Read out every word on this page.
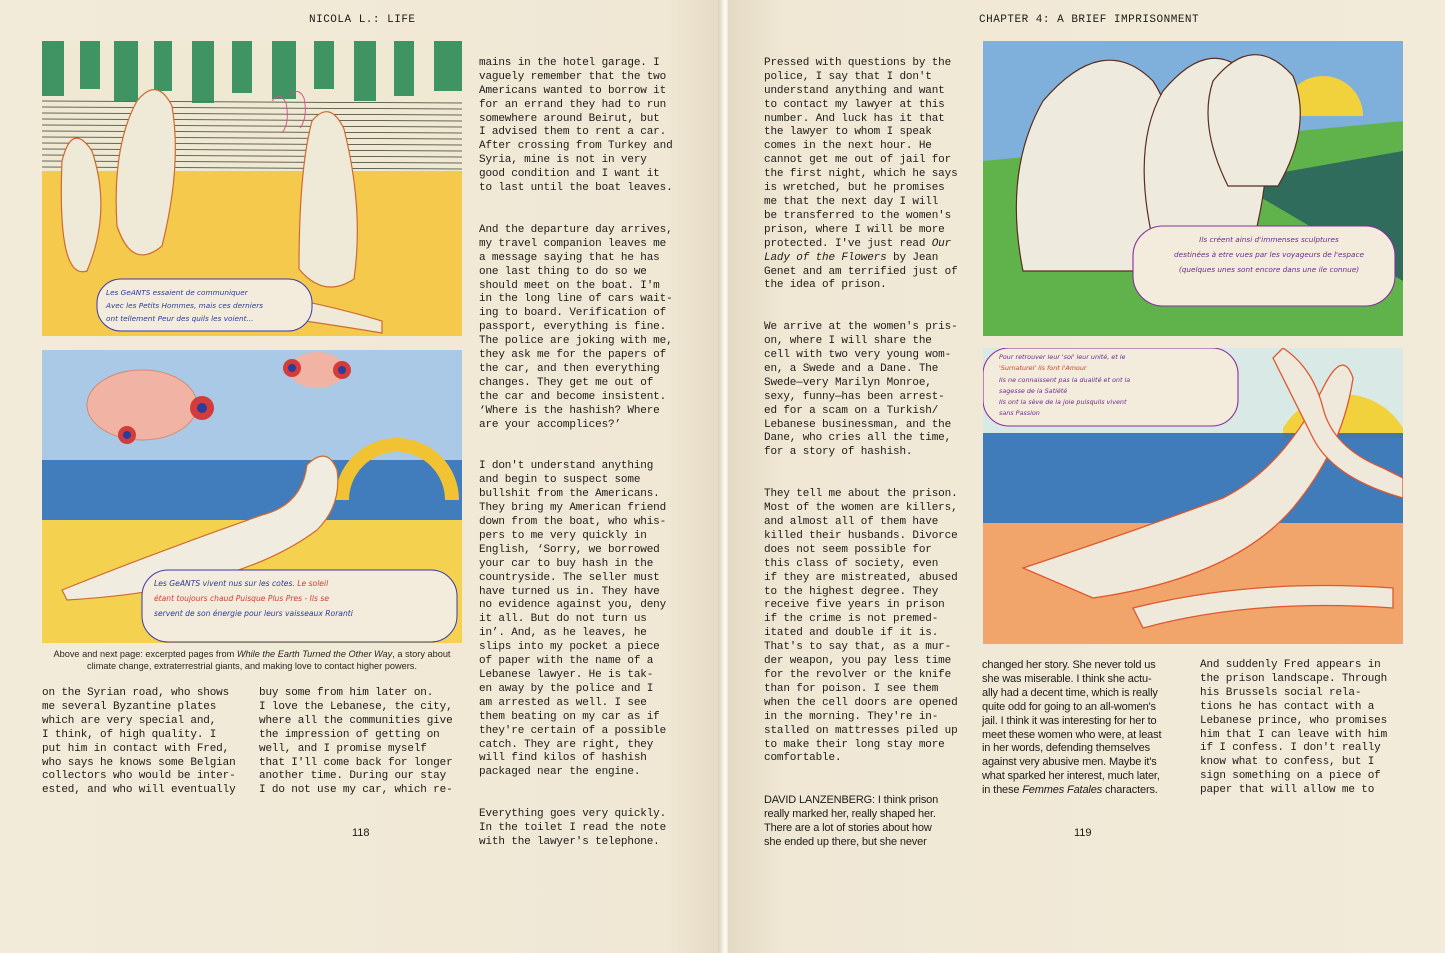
NICOLA L.: LIFE
Les GeANTS essaient de communiquer
Avec les Petits Hommes, mais ces derniers
ont tellement Peur des quils les voient...
Les GeANTS vivent nus sur les cotes. Le soleil
étant toujours chaud Puisque Plus Pres - Ils se
servent de son énergie pour leurs vaisseaux Roranti
Above and next page: excerpted pages from While the Earth Turned the Other Way, a story about climate change, extraterrestrial giants, and making love to contact higher powers.
on the Syrian road, who shows
me several Byzantine plates
which are very special and,
I think, of high quality. I
put him in contact with Fred,
who says he knows some Belgian
collectors who would be inter-
ested, and who will eventually
buy some from him later on.
I love the Lebanese, the city,
where all the communities give
the impression of getting on
well, and I promise myself
that I'll come back for longer
another time. During our stay
I do not use my car, which re-

mains in the hotel garage. I
vaguely remember that the two
Americans wanted to borrow it
for an errand they had to run
somewhere around Beirut, but
I advised them to rent a car.
After crossing from Turkey and
Syria, mine is not in very
good condition and I want it
to last until the boat leaves.

And the departure day arrives,
my travel companion leaves me
a message saying that he has
one last thing to do so we
should meet on the boat. I'm
in the long line of cars wait-
ing to board. Verification of
passport, everything is fine.
The police are joking with me,
they ask me for the papers of
the car, and then everything
changes. They get me out of
the car and become insistent.
‘Where is the hashish? Where
are your accomplices?’

I don't understand anything
and begin to suspect some
bullshit from the Americans.
They bring my American friend
down from the boat, who whis-
pers to me very quickly in
English, ‘Sorry, we borrowed
your car to buy hash in the
countryside. The seller must
have turned us in. They have
no evidence against you, deny
it all. But do not turn us
in’. And, as he leaves, he
slips into my pocket a piece
of paper with the name of a
Lebanese lawyer. He is tak-
en away by the police and I
am arrested as well. I see
them beating on my car as if
they're certain of a possible
catch. They are right, they
will find kilos of hashish
packaged near the engine.

Everything goes very quickly.
In the toilet I read the note
with the lawyer's telephone.

118
CHAPTER 4: A BRIEF IMPRISONMENT

Pressed with questions by the
police, I say that I don't
understand anything and want
to contact my lawyer at this
number. And luck has it that
the lawyer to whom I speak
comes in the next hour. He
cannot get me out of jail for
the first night, which he says
is wretched, but he promises
me that the next day I will
be transferred to the women's
prison, where I will be more
protected. I've just read Our
Lady of the Flowers by Jean
Genet and am terrified just of
the idea of prison.

We arrive at the women's pris-
on, where I will share the
cell with two very young wom-
en, a Swede and a Dane. The
Swede—very Marilyn Monroe,
sexy, funny—has been arrest-
ed for a scam on a Turkish/
Lebanese businessman, and the
Dane, who cries all the time,
for a story of hashish.

They tell me about the prison.
Most of the women are killers,
and almost all of them have
killed their husbands. Divorce
does not seem possible for
this class of society, even
if they are mistreated, abused
to the highest degree. They
receive five years in prison
if the crime is not premed-
itated and double if it is.
That's to say that, as a mur-
der weapon, you pay less time
for the revolver or the knife
than for poison. I see them
when the cell doors are opened
in the morning. They're in-
stalled on mattresses piled up
to make their long stay more
comfortable.

DAVID LANZENBERG: I think prison
really marked her, really shaped her.
There are a lot of stories about how
she ended up there, but she never

Ils créent ainsi d'immenses sculptures
destinées à etre vues par les voyageurs de l'espace
(quelques unes sont encore dans une ile connue)
Pour retrouver leur 'soi' leur unité, et le
'Surnaturel' ils font l'Amour
Ils ne connaissent pas la dualité et ont la
sagesse de la Satiété
Ils ont la sève de la joie puisquils vivent
sans Passion
changed her story. She never told us
she was miserable. I think she actu-
ally had a decent time, which is really
quite odd for going to an all-women's
jail. I think it was interesting for her to
meet these women who were, at least
in her words, defending themselves
against very abusive men. Maybe it's
what sparked her interest, much later,
in these Femmes Fatales characters.
And suddenly Fred appears in
the prison landscape. Through
his Brussels social rela-
tions he has contact with a
Lebanese prince, who promises
him that I can leave with him
if I confess. I don't really
know what to confess, but I
sign something on a piece of
paper that will allow me to
119
